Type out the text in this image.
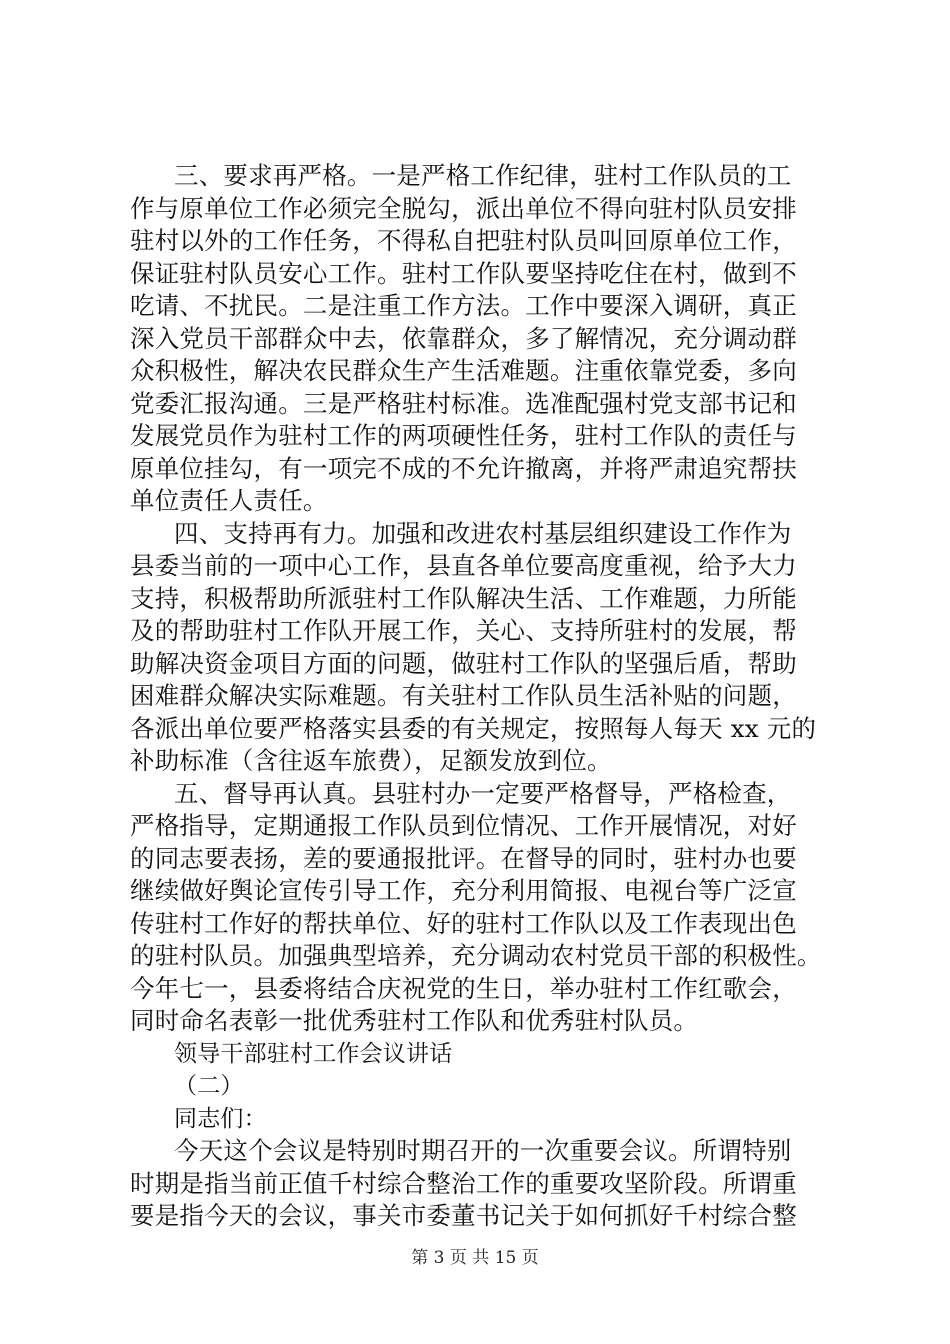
三、要求再严格。一是严格工作纪律，驻村工作队员的工
作与原单位工作必须完全脱勾，派出单位不得向驻村队员安排
驻村以外的工作任务，不得私自把驻村队员叫回原单位工作，
保证驻村队员安心工作。驻村工作队要坚持吃住在村，做到不
吃请、不扰民。二是注重工作方法。工作中要深入调研，真正
深入党员干部群众中去，依靠群众，多了解情况，充分调动群
众积极性，解决农民群众生产生活难题。注重依靠党委，多向
党委汇报沟通。三是严格驻村标准。选准配强村党支部书记和
发展党员作为驻村工作的两项硬性任务，驻村工作队的责任与
原单位挂勾，有一项完不成的不允许撤离，并将严肃追究帮扶
单位责任人责任。
四、支持再有力。加强和改进农村基层组织建设工作作为
县委当前的一项中心工作，县直各单位要高度重视，给予大力
支持，积极帮助所派驻村工作队解决生活、工作难题，力所能
及的帮助驻村工作队开展工作，关心、支持所驻村的发展，帮
助解决资金项目方面的问题，做驻村工作队的坚强后盾，帮助
困难群众解决实际难题。有关驻村工作队员生活补贴的问题，
各派出单位要严格落实县委的有关规定，按照每人每天 xx 元的
补助标准（含往返车旅费），足额发放到位。
五、督导再认真。县驻村办一定要严格督导，严格检查，
严格指导，定期通报工作队员到位情况、工作开展情况，对好
的同志要表扬，差的要通报批评。在督导的同时，驻村办也要
继续做好舆论宣传引导工作，充分利用简报、电视台等广泛宣
传驻村工作好的帮扶单位、好的驻村工作队以及工作表现出色
的驻村队员。加强典型培养，充分调动农村党员干部的积极性。
今年七一，县委将结合庆祝党的生日，举办驻村工作红歌会，
同时命名表彰一批优秀驻村工作队和优秀驻村队员。
领导干部驻村工作会议讲话
（二）
同志们：
今天这个会议是特别时期召开的一次重要会议。所谓特别
时期是指当前正值千村综合整治工作的重要攻坚阶段。所谓重
要是指今天的会议，事关市委董书记关于如何抓好千村综合整
第 3 页 共 15 页
